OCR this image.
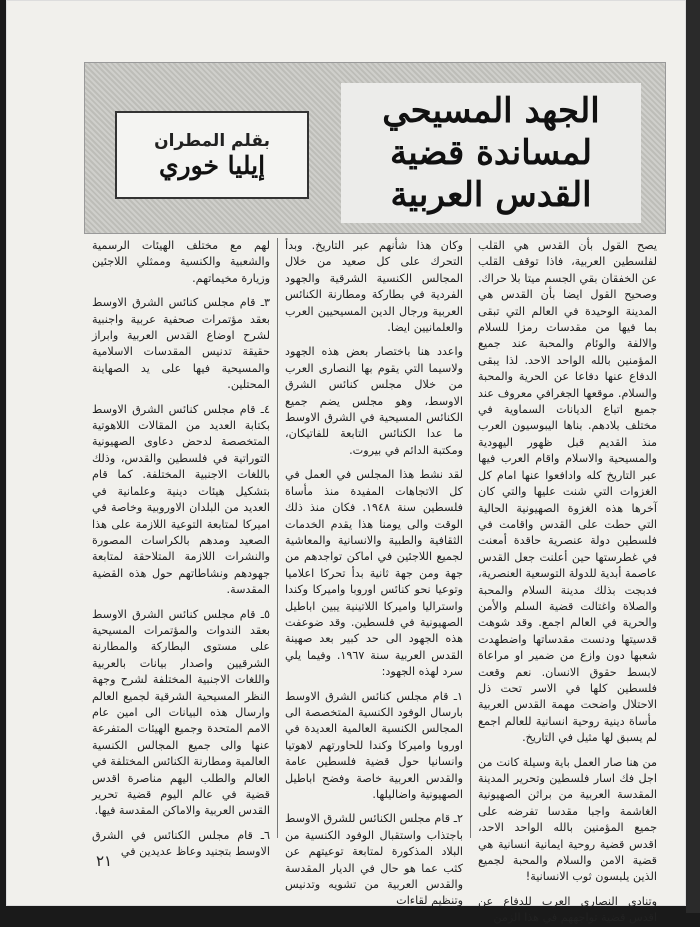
الجهد المسيحي
لمساندة قضية
القدس العربية
بقلم المطران
إيليا خوري

يصح القول بأن القدس هي القلب لفلسطين العربية، فاذا توقف القلب عن الخفقان بقي الجسم ميتا بلا حراك. وصحيح القول ايضا بأن القدس هي المدينة الوحيدة في العالم التي تبقى بما فيها من مقدسات رمزا للسلام والالفة والوئام والمحبة عند جميع المؤمنين بالله الواحد الاحد. لذا يبقى الدفاع عنها دفاعا عن الحرية والمحبة والسلام. موقعها الجغرافي معروف عند جميع اتباع الديانات السماوية في مختلف بلادهم. بناها اليبوسيون العرب منذ القديم قبل ظهور اليهودية والمسيحية والاسلام واقام العرب فيها عبر التاريخ كله وادافعوا عنها امام كل الغزوات التي شنت عليها والتي كان آخرها هذه الغزوة الصهيونية الحالية التي حطت على القدس واقامت في فلسطين دولة عنصرية حاقدة أمعنت في غطرستها حين أعلنت جعل القدس عاصمة أبدية للدولة التوسعية العنصرية، فدبجت بذلك مدينة السلام والمحبة والصلاة واغتالت قضية السلم والأمن والحرية في العالم اجمع. وقد شوهت قدسيتها ودنست مقدساتها واضطهدت شعبها دون وازع من ضمير او مراعاة لابسط حقوق الانسان. نعم وقعت فلسطين كلها في الاسر تحت ذل الاحتلال واضحت مهمة القدس العربية مأساة دينية روحية انسانية للعالم اجمع لم يسبق لها مثيل في التاريخ.

من هنا صار العمل باية وسيلة كانت من اجل فك اسار فلسطين وتحرير المدينة المقدسة العربية من براثن الصهيونية الغاشمة واجبا مقدسا تفرضه على جميع المؤمنين بالله الواحد الاحد، اقدس قضية روحية ايمانية انسانية هي قضية الامن والسلام والمحبة لجميع الذين يلبسون ثوب الانسانية!

وتنادى النصارى العرب للدفاع عن اقدس قضية تواجههم في هذا الزمن

وكان هذا شأنهم عبر التاريخ. وبدأ التحرك على كل صعيد من خلال المجالس الكنسية الشرقية والجهود الفردية في بطاركة ومطارنة الكنائس العربية ورجال الدين المسيحيين العرب والعلمانيين ايضا.

واعدد هنا باختصار بعض هذه الجهود ولاسيما التي يقوم بها النصارى العرب من خلال مجلس كنائس الشرق الاوسط، وهو مجلس يضم جميع الكنائس المسيحية في الشرق الاوسط ما عدا الكنائس التابعة للفاتيكان، ومكتبة الدائم في بيروت.

لقد نشط هذا المجلس في العمل في كل الاتجاهات المفيدة منذ مأساة فلسطين سنة ١٩٤٨. فكان منذ ذلك الوقت والى يومنا هذا يقدم الخدمات الثقافية والطبية والانسانية والمعاشية لجميع اللاجئين في اماكن تواجدهم من جهة ومن جهة ثانية بدأ تحركا اعلاميا وتوعيا نحو كنائس اوروبا واميركا وكندا واستراليا واميركا اللاتينية يبين اباطيل الصهيونية في فلسطين. وقد ضوعفت هذه الجهود الى حد كبير بعد صهينة القدس العربية سنة ١٩٦٧. وفيما يلي سرد لهذه الجهود:

١ـ قام مجلس كنائس الشرق الاوسط بارسال الوفود الكنسية المتخصصة الى المجالس الكنسية العالمية العديدة في اوروبا واميركا وكندا للحاورتهم لاهوتيا وانسانيا حول قضية فلسطين عامة والقدس العربية خاصة وفضح اباطيل الصهيونية واضاليلها.

٢ـ قام مجلس الكنائس للشرق الاوسط باجتذاب واستقبال الوفود الكنسية من البلاد المذكورة لمتابعة توعيتهم عن كثب عما هو حال في الديار المقدسة والقدس العربية من تشويه وتدنيس وتنظيم لقاءات

لهم مع مختلف الهيئات الرسمية والشعبية والكنسية وممثلي اللاجئين وزيارة مخيماتهم.

٣ـ قام مجلس كنائس الشرق الاوسط بعقد مؤتمرات صحفية عربية واجنبية لشرح اوضاع القدس العربية وابراز حقيقة تدنيس المقدسات الاسلامية والمسيحية فيها على يد الصهاينة المحتلين.

٤ـ قام مجلس كنائس الشرق الاوسط بكتابة العديد من المقالات اللاهوتية المتخصصة لدحض دعاوى الصهيونية التوراتية في فلسطين والقدس، وذلك باللغات الاجنبية المختلفة. كما قام بتشكيل هيئات دينية وعلمانية في العديد من البلدان الاوروبية وخاصة في اميركا لمتابعة التوعية اللازمة على هذا الصعيد ومدهم بالكراسات المصورة والنشرات اللازمة المتلاحقة لمتابعة جهودهم ونشاطاتهم حول هذه القضية المقدسة.

٥ـ قام مجلس كنائس الشرق الاوسط بعقد الندوات والمؤتمرات المسيحية على مستوى البطاركة والمطارنة الشرقيين واصدار بيانات بالعربية واللغات الاجنبية المختلفة لشرح وجهة النظر المسيحية الشرقية لجميع العالم وارسال هذه البيانات الى امين عام الامم المتحدة وجميع الهيئات المتفرعة عنها والى جميع المجالس الكنسية العالمية ومطارنة الكنائس المختلفة في العالم والطلب اليهم مناصرة اقدس قضية في عالم اليوم قضية تحرير القدس العربية والاماكن المقدسة فيها.

٦ـ قام مجلس الكنائس في الشرق الاوسط بتجنيد وعاظ عديدين في

٢١
